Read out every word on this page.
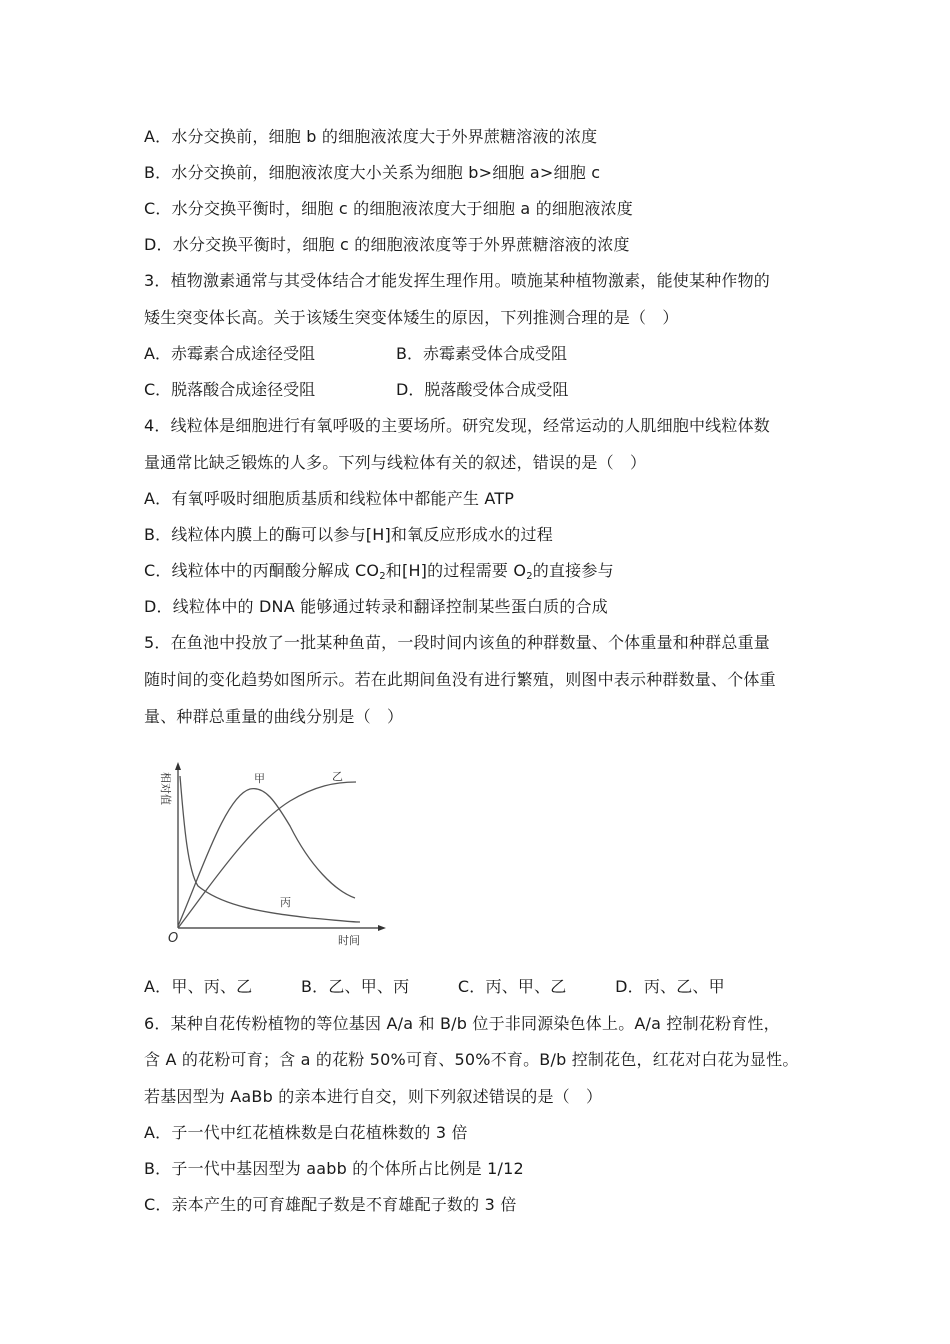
A．水分交换前，细胞 b 的细胞液浓度大于外界蔗糖溶液的浓度
B．水分交换前，细胞液浓度大小关系为细胞 b>细胞 a>细胞 c
C．水分交换平衡时，细胞 c 的细胞液浓度大于细胞 a 的细胞液浓度
D．水分交换平衡时，细胞 c 的细胞液浓度等于外界蔗糖溶液的浓度
3．植物激素通常与其受体结合才能发挥生理作用。喷施某种植物激素，能使某种作物的
矮生突变体长高。关于该矮生突变体矮生的原因，下列推测合理的是（　）
A．赤霉素合成途径受阻	B．赤霉素受体合成受阻
C．脱落酸合成途径受阻	D．脱落酸受体合成受阻
4．线粒体是细胞进行有氧呼吸的主要场所。研究发现，经常运动的人肌细胞中线粒体数
量通常比缺乏锻炼的人多。下列与线粒体有关的叙述，错误的是（　）
A．有氧呼吸时细胞质基质和线粒体中都能产生 ATP
B．线粒体内膜上的酶可以参与[H]和氧反应形成水的过程
C．线粒体中的丙酮酸分解成 $CO_2$和[H]的过程需要 $O_2$的直接参与
D．线粒体中的 DNA 能够通过转录和翻译控制某些蛋白质的合成
5．在鱼池中投放了一批某种鱼苗，一段时间内该鱼的种群数量、个体重量和种群总重量
随时间的变化趋势如图所示。若在此期间鱼没有进行繁殖，则图中表示种群数量、个体重
量、种群总重量的曲线分别是（　）
相对值
时间
O
甲	乙
丙
A．甲、丙、乙　　　B．乙、甲、丙　　　C．丙、甲、乙　　　D．丙、乙、甲
6．某种自花传粉植物的等位基因 A/a 和 B/b 位于非同源染色体上。A/a 控制花粉育性，
含 A 的花粉可育；含 a 的花粉 50%可育、50%不育。B/b 控制花色，红花对白花为显性。
若基因型为 AaBb 的亲本进行自交，则下列叙述错误的是（　）
A．子一代中红花植株数是白花植株数的 3 倍
B．子一代中基因型为 aabb 的个体所占比例是 1/12
C．亲本产生的可育雄配子数是不育雄配子数的 3 倍
